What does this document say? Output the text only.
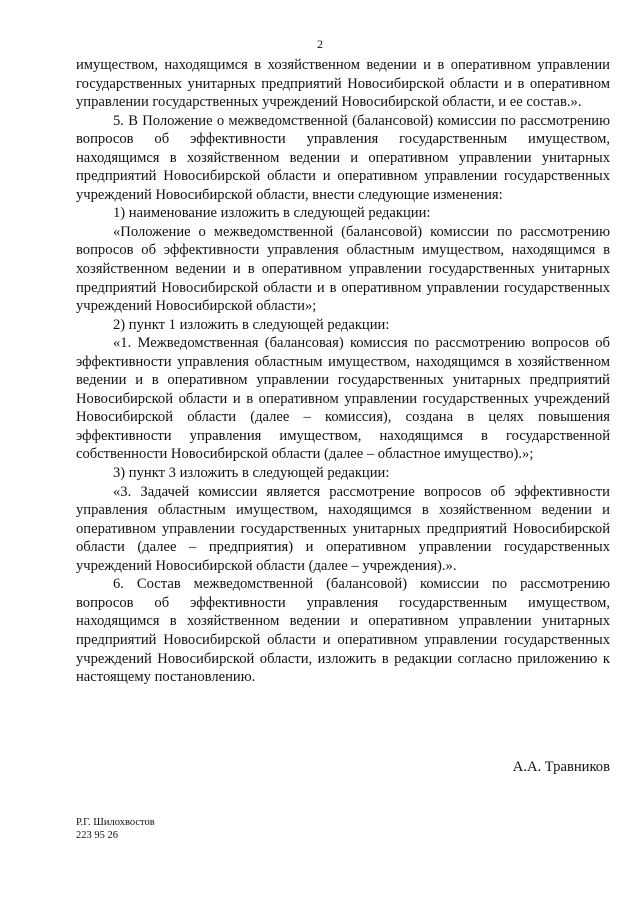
2

имуществом, находящимся в хозяйственном ведении и в оперативном управлении государственных унитарных предприятий Новосибирской области и в оперативном управлении государственных учреждений Новосибирской области, и ее состав.».

5. В Положение о межведомственной (балансовой) комиссии по рассмотрению вопросов об эффективности управления государственным имуществом, находящимся в хозяйственном ведении и оперативном управлении унитарных предприятий Новосибирской области и оперативном управлении государственных учреждений Новосибирской области, внести следующие изменения:

1) наименование изложить в следующей редакции:

«Положение о межведомственной (балансовой) комиссии по рассмотрению вопросов об эффективности управления областным имуществом, находящимся в хозяйственном ведении и в оперативном управлении государственных унитарных предприятий Новосибирской области и в оперативном управлении государственных учреждений Новосибирской области»;

2) пункт 1 изложить в следующей редакции:

«1. Межведомственная (балансовая) комиссия по рассмотрению вопросов об эффективности управления областным имуществом, находящимся в хозяйственном ведении и в оперативном управлении государственных унитарных предприятий Новосибирской области и в оперативном управлении государственных учреждений Новосибирской области (далее – комиссия), создана в целях повышения эффективности управления имуществом, находящимся в государственной собственности Новосибирской области (далее – областное имущество).»;

3) пункт 3 изложить в следующей редакции:

«3. Задачей комиссии является рассмотрение вопросов об эффективности управления областным имуществом, находящимся в хозяйственном ведении и оперативном управлении государственных унитарных предприятий Новосибирской области (далее – предприятия) и оперативном управлении государственных учреждений Новосибирской области (далее – учреждения).».

6. Состав межведомственной (балансовой) комиссии по рассмотрению вопросов об эффективности управления государственным имуществом, находящимся в хозяйственном ведении и оперативном управлении унитарных предприятий Новосибирской области и оперативном управлении государственных учреждений Новосибирской области, изложить в редакции согласно приложению к настоящему постановлению.

А.А. Травников
Р.Г. Шилохвостов
223 95 26
